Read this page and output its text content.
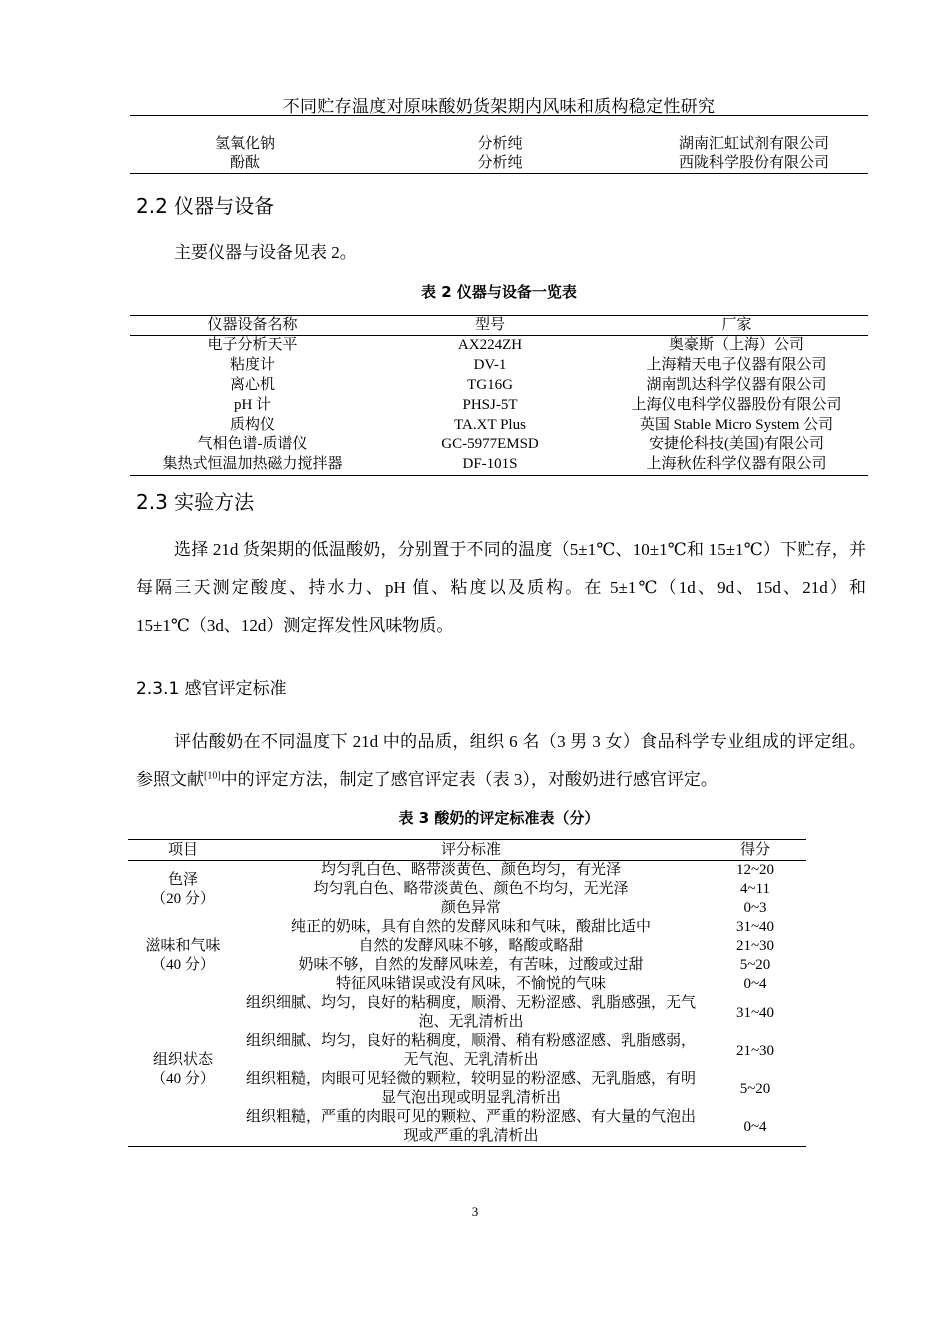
不同贮存温度对原味酸奶货架期内风味和质构稳定性研究
氢氧化钠	分析纯	湖南汇虹试剂有限公司
酚酞	分析纯	西陇科学股份有限公司
2.2 仪器与设备
主要仪器与设备见表 2。
表 2 仪器与设备一览表
仪器设备名称	型号	厂家
电子分析天平	AX224ZH	奥豪斯（上海）公司
粘度计	DV-1	上海精天电子仪器有限公司
离心机	TG16G	湖南凯达科学仪器有限公司
pH 计	PHSJ-5T	上海仪电科学仪器股份有限公司
质构仪	TA.XT Plus	英国 Stable Micro System 公司
气相色谱-质谱仪	GC-5977EMSD	安捷伦科技(美国)有限公司
集热式恒温加热磁力搅拌器	DF-101S	上海秋佐科学仪器有限公司
2.3 实验方法
选择 21d 货架期的低温酸奶，分别置于不同的温度（5±1℃、10±1℃和 15±1℃）下贮存，并每隔三天测定酸度、持水力、pH 值、粘度以及质构。在 5±1℃（1d、9d、15d、21d）和 15±1℃（3d、12d）测定挥发性风味物质。
2.3.1 感官评定标准
评估酸奶在不同温度下 21d 中的品质，组织 6 名（3 男 3 女）食品科学专业组成的评定组。参照文献[10]中的评定方法，制定了感官评定表（表 3），对酸奶进行感官评定。
表 3 酸奶的评定标准表（分）
项目	评分标准	得分

色泽
（20 分）	均匀乳白色、略带淡黄色、颜色均匀，有光泽	12~20
	均匀乳白色、略带淡黄色、颜色不均匀，无光泽	4~11
	颜色异常	0~3

滋味和气味
（40 分）	纯正的奶味，具有自然的发酵风味和气味，酸甜比适中	31~40
	自然的发酵风味不够，略酸或略甜	21~30
	奶味不够，自然的发酵风味差，有苦味，过酸或过甜	5~20
	特征风味错误或没有风味，不愉悦的气味	0~4

组织状态
（40 分）	组织细腻、均匀，良好的粘稠度，顺滑、无粉涩感、乳脂感强，无气泡、无乳清析出	31~40
	组织细腻、均匀，良好的粘稠度，顺滑、稍有粉感涩感、乳脂感弱，无气泡、无乳清析出	21~30
	组织粗糙，肉眼可见轻微的颗粒，较明显的粉涩感、无乳脂感，有明显气泡出现或明显乳清析出	5~20
	组织粗糙，严重的肉眼可见的颗粒、严重的粉涩感、有大量的气泡出现或严重的乳清析出	0~4
3
